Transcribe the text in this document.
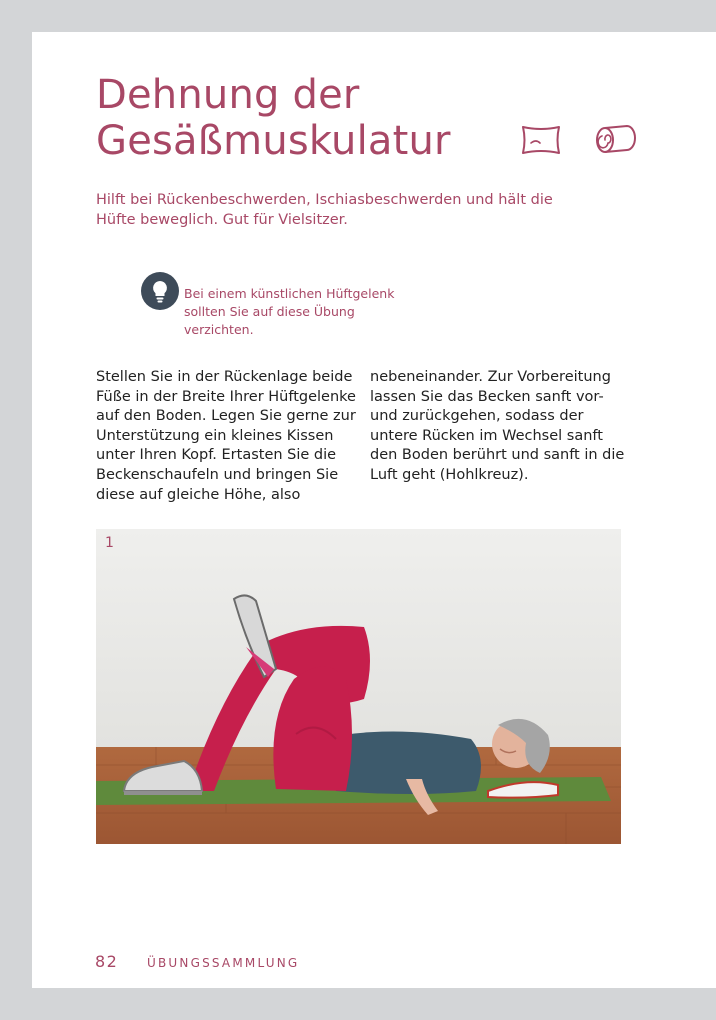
Dehnung der
Gesäßmuskulatur

Hilft bei Rückenbeschwerden, Ischiasbeschwerden und hält die Hüfte beweglich. Gut für Vielsitzer.

Bei einem künstlichen Hüftgelenk sollten Sie auf diese Übung verzichten.

Stellen Sie in der Rückenlage beide Füße in der Breite Ihrer Hüftgelenke auf den Boden. Legen Sie gerne zur Unterstützung ein kleines Kissen unter Ihren Kopf. Ertasten Sie die Beckenschaufeln und bringen Sie diese auf gleiche Höhe, also

nebeneinander. Zur Vorbereitung lassen Sie das Becken sanft vor- und zurückgehen, sodass der untere Rücken im Wechsel sanft den Boden berührt und sanft in die Luft geht (Hohlkreuz).

1
82 ÜBUNGSSAMMLUNG
